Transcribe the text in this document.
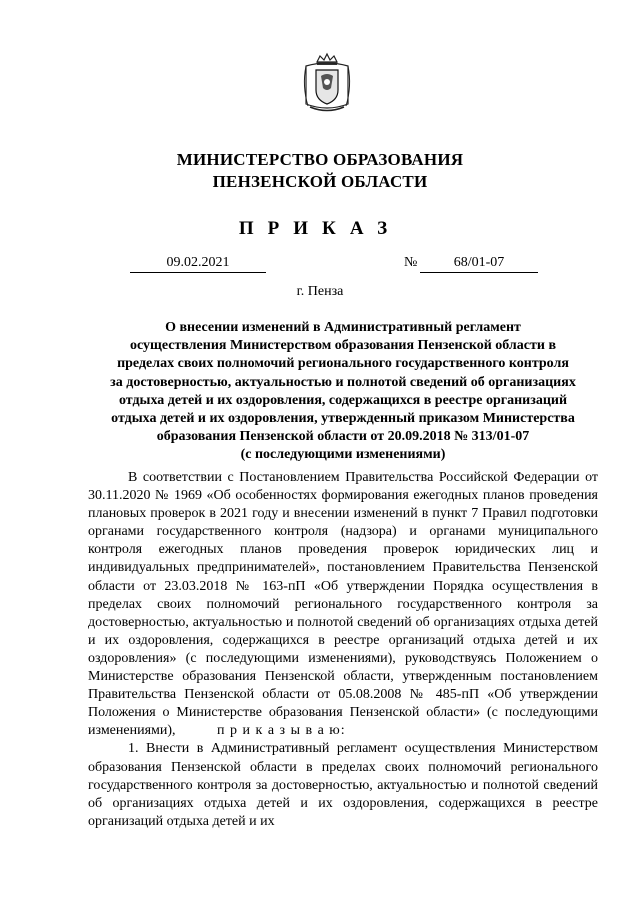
МИНИСТЕРСТВО ОБРАЗОВАНИЯ
ПЕНЗЕНСКОЙ ОБЛАСТИ
ПРИКАЗ
09.02.2021	№	68/01-07
г. Пенза
О внесении изменений в Административный регламент
осуществления Министерством образования Пензенской области в
пределах своих полномочий регионального государственного контроля
за достоверностью, актуальностью и полнотой сведений об организациях
отдыха детей и их оздоровления, содержащихся в реестре организаций
отдыха детей и их оздоровления, утвержденный приказом Министерства
образования Пензенской области от 20.09.2018 № 313/01-07
(с последующими изменениями)

В соответствии с Постановлением Правительства Российской Федерации от 30.11.2020 № 1969 «Об особенностях формирования ежегодных планов проведения плановых проверок в 2021 году и внесении изменений в пункт 7 Правил подготовки органами государственного контроля (надзора) и органами муниципального контроля ежегодных планов проведения проверок юридических лиц и индивидуальных предпринимателей», постановлением Правительства Пензенской области от 23.03.2018 № 163-пП «Об утверждении Порядка осуществления в пределах своих полномочий регионального государственного контроля за достоверностью, актуальностью и полнотой сведений об организациях отдыха детей и их оздоровления, содержащихся в реестре организаций отдыха детей и их оздоровления» (с последующими изменениями), руководствуясь Положением о Министерстве образования Пензенской области, утвержденным постановлением Правительства Пензенской области от 05.08.2008 № 485-пП «Об утверждении Положения о Министерстве образования Пензенской области» (с последующими изменениями),	п р и к а з ы в а ю:

1. Внести в Административный регламент осуществления Министерством образования Пензенской области в пределах своих полномочий регионального государственного контроля за достоверностью, актуальностью и полнотой сведений об организациях отдыха детей и их оздоровления, содержащихся в реестре организаций отдыха детей и их
